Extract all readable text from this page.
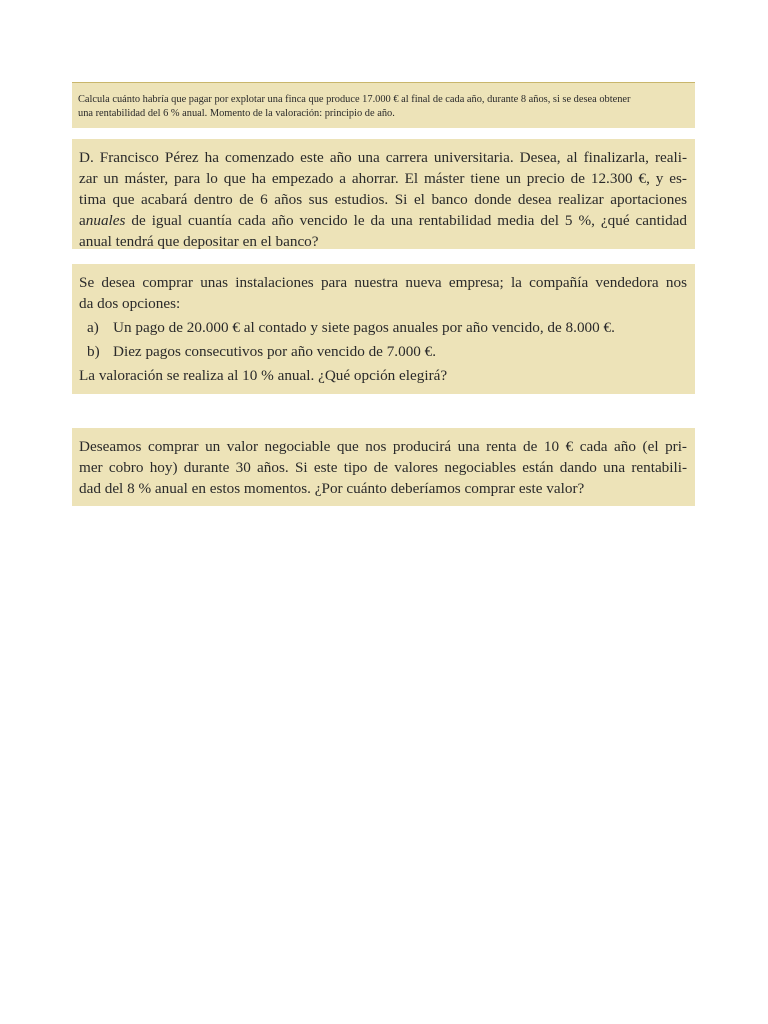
Calcula cuánto habría que pagar por explotar una finca que produce 17.000 € al final de cada año, durante 8 años, si se desea obtener
una rentabilidad del 6 % anual. Momento de la valoración: principio de año.
D. Francisco Pérez ha comenzado este año una carrera universitaria. Desea, al finalizarla, reali-
zar un máster, para lo que ha empezado a ahorrar. El máster tiene un precio de 12.300 €, y es-
tima que acabará dentro de 6 años sus estudios. Si el banco donde desea realizar aportaciones
anuales de igual cuantía cada año vencido le da una rentabilidad media del 5 %, ¿qué cantidad
anual tendrá que depositar en el banco?
Se desea comprar unas instalaciones para nuestra nueva empresa; la compañía vendedora nos
da dos opciones:
a) Un pago de 20.000 € al contado y siete pagos anuales por año vencido, de 8.000 €.
b) Diez pagos consecutivos por año vencido de 7.000 €.
La valoración se realiza al 10 % anual. ¿Qué opción elegirá?
Deseamos comprar un valor negociable que nos producirá una renta de 10 € cada año (el pri-
mer cobro hoy) durante 30 años. Si este tipo de valores negociables están dando una rentabili-
dad del 8 % anual en estos momentos. ¿Por cuánto deberíamos comprar este valor?
